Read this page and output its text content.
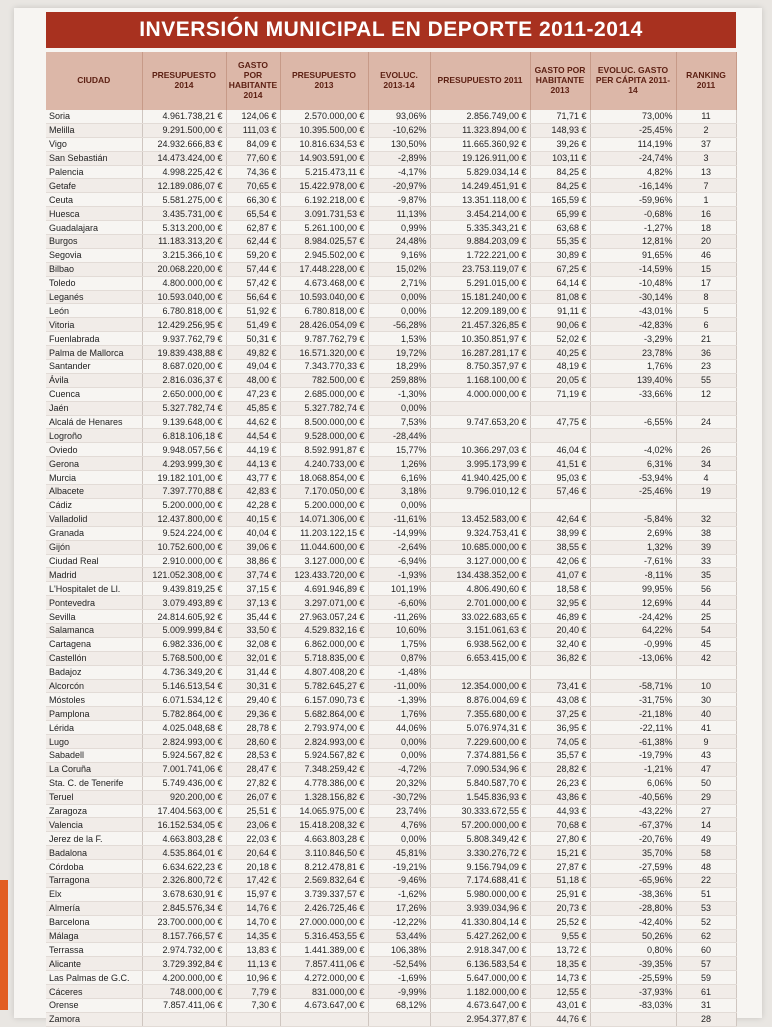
INVERSIÓN MUNICIPAL EN DEPORTE 2011-2014
CIUDAD	PRESUPUESTO 2014	GASTO POR HABITANTE 2014	PRESUPUESTO 2013	EVOLUC. 2013-14	PRESUPUESTO 2011	GASTO POR HABITANTE 2013	EVOLUC. GASTO PER CÁPITA 2011-14	RANKING 2011
Soria	4.961.738,21 €	124,06 €	2.570.000,00 €	93,06%	2.856.749,00 €	71,71 €	73,00%	11
Melilla	9.291.500,00 €	111,03 €	10.395.500,00 €	-10,62%	11.323.894,00 €	148,93 €	-25,45%	2
Vigo	24.932.666,83 €	84,09 €	10.816.634,53 €	130,50%	11.665.360,92 €	39,26 €	114,19%	37
San Sebastián	14.473.424,00 €	77,60 €	14.903.591,00 €	-2,89%	19.126.911,00 €	103,11 €	-24,74%	3
Palencia	4.998.225,42 €	74,36 €	5.215.473,11 €	-4,17%	5.829.034,14 €	84,25 €	4,82%	13
Getafe	12.189.086,07 €	70,65 €	15.422.978,00 €	-20,97%	14.249.451,91 €	84,25 €	-16,14%	7
Ceuta	5.581.275,00 €	66,30 €	6.192.218,00 €	-9,87%	13.351.118,00 €	165,59 €	-59,96%	1
Huesca	3.435.731,00 €	65,54 €	3.091.731,53 €	11,13%	3.454.214,00 €	65,99 €	-0,68%	16
Guadalajara	5.313.200,00 €	62,87 €	5.261.100,00 €	0,99%	5.335.343,21 €	63,68 €	-1,27%	18
Burgos	11.183.313,20 €	62,44 €	8.984.025,57 €	24,48%	9.884.203,09 €	55,35 €	12,81%	20
Segovia	3.215.366,10 €	59,20 €	2.945.502,00 €	9,16%	1.722.221,00 €	30,89 €	91,65%	46
Bilbao	20.068.220,00 €	57,44 €	17.448.228,00 €	15,02%	23.753.119,07 €	67,25 €	-14,59%	15
Toledo	4.800.000,00 €	57,42 €	4.673.468,00 €	2,71%	5.291.015,00 €	64,14 €	-10,48%	17
Leganés	10.593.040,00 €	56,64 €	10.593.040,00 €	0,00%	15.181.240,00 €	81,08 €	-30,14%	8
León	6.780.818,00 €	51,92 €	6.780.818,00 €	0,00%	12.209.189,00 €	91,11 €	-43,01%	5
Vitoria	12.429.256,95 €	51,49 €	28.426.054,09 €	-56,28%	21.457.326,85 €	90,06 €	-42,83%	6
Fuenlabrada	9.937.762,79 €	50,31 €	9.787.762,79 €	1,53%	10.350.851,97 €	52,02 €	-3,29%	21
Palma de Mallorca	19.839.438,88 €	49,82 €	16.571.320,00 €	19,72%	16.287.281,17 €	40,25 €	23,78%	36
Santander	8.687.020,00 €	49,04 €	7.343.770,33 €	18,29%	8.750.357,97 €	48,19 €	1,76%	23
Ávila	2.816.036,37 €	48,00 €	782.500,00 €	259,88%	1.168.100,00 €	20,05 €	139,40%	55
Cuenca	2.650.000,00 €	47,23 €	2.685.000,00 €	-1,30%	4.000.000,00 €	71,19 €	-33,66%	12
Jaén	5.327.782,74 €	45,85 €	5.327.782,74 €	0,00%				
Alcalá de Henares	9.139.648,00 €	44,62 €	8.500.000,00 €	7,53%	9.747.653,20 €	47,75 €	-6,55%	24
Logroño	6.818.106,18 €	44,54 €	9.528.000,00 €	-28,44%				
Oviedo	9.948.057,56 €	44,19 €	8.592.991,87 €	15,77%	10.366.297,03 €	46,04 €	-4,02%	26
Gerona	4.293.999,30 €	44,13 €	4.240.733,00 €	1,26%	3.995.173,99 €	41,51 €	6,31%	34
Murcia	19.182.101,00 €	43,77 €	18.068.854,00 €	6,16%	41.940.425,00 €	95,03 €	-53,94%	4
Albacete	7.397.770,88 €	42,83 €	7.170.050,00 €	3,18%	9.796.010,12 €	57,46 €	-25,46%	19
Cádiz	5.200.000,00 €	42,28 €	5.200.000,00 €	0,00%				
Valladolid	12.437.800,00 €	40,15 €	14.071.306,00 €	-11,61%	13.452.583,00 €	42,64 €	-5,84%	32
Granada	9.524.224,00 €	40,04 €	11.203.122,15 €	-14,99%	9.324.753,41 €	38,99 €	2,69%	38
Gijón	10.752.600,00 €	39,06 €	11.044.600,00 €	-2,64%	10.685.000,00 €	38,55 €	1,32%	39
Ciudad Real	2.910.000,00 €	38,86 €	3.127.000,00 €	-6,94%	3.127.000,00 €	42,06 €	-7,61%	33
Madrid	121.052.308,00 €	37,74 €	123.433.720,00 €	-1,93%	134.438.352,00 €	41,07 €	-8,11%	35
L'Hospitalet de Ll.	9.439.819,25 €	37,15 €	4.691.946,89 €	101,19%	4.806.490,60 €	18,58 €	99,95%	56
Pontevedra	3.079.493,89 €	37,13 €	3.297.071,00 €	-6,60%	2.701.000,00 €	32,95 €	12,69%	44
Sevilla	24.814.605,92 €	35,44 €	27.963.057,24 €	-11,26%	33.022.683,65 €	46,89 €	-24,42%	25
Salamanca	5.009.999,84 €	33,50 €	4.529.832,16 €	10,60%	3.151.061,63 €	20,40 €	64,22%	54
Cartagena	6.982.336,00 €	32,08 €	6.862.000,00 €	1,75%	6.938.562,00 €	32,40 €	-0,99%	45
Castellón	5.768.500,00 €	32,01 €	5.718.835,00 €	0,87%	6.653.415,00 €	36,82 €	-13,06%	42
Badajoz	4.736.349,20 €	31,44 €	4.807.408,20 €	-1,48%				
Alcorcón	5.146.513,54 €	30,31 €	5.782.645,27 €	-11,00%	12.354.000,00 €	73,41 €	-58,71%	10
Móstoles	6.071.534,12 €	29,40 €	6.157.090,73 €	-1,39%	8.876.004,69 €	43,08 €	-31,75%	30
Pamplona	5.782.864,00 €	29,36 €	5.682.864,00 €	1,76%	7.355.680,00 €	37,25 €	-21,18%	40
Lérida	4.025.048,68 €	28,78 €	2.793.974,00 €	44,06%	5.076.974,31 €	36,95 €	-22,11%	41
Lugo	2.824.993,00 €	28,60 €	2.824.993,00 €	0,00%	7.229.600,00 €	74,05 €	-61,38%	9
Sabadell	5.924.567,82 €	28,53 €	5.924.567,82 €	0,00%	7.374.881,56 €	35,57 €	-19,79%	43
La Coruña	7.001.741,06 €	28,47 €	7.348.259,42 €	-4,72%	7.090.534,96 €	28,82 €	-1,21%	47
Sta. C. de Tenerife	5.749.436,00 €	27,82 €	4.778.386,00 €	20,32%	5.840.587,70 €	26,23 €	6,06%	50
Teruel	920.200,00 €	26,07 €	1.328.156,82 €	-30,72%	1.545.836,93 €	43,86 €	-40,56%	29
Zaragoza	17.404.563,00 €	25,51 €	14.065.975,00 €	23,74%	30.333.672,55 €	44,93 €	-43,22%	27
Valencia	16.152.534,05 €	23,06 €	15.418.208,32 €	4,76%	57.200.000,00 €	70,68 €	-67,37%	14
Jerez de la F.	4.663.803,28 €	22,03 €	4.663.803,28 €	0,00%	5.808.349,42 €	27,80 €	-20,76%	49
Badalona	4.535.864,01 €	20,64 €	3.110.846,50 €	45,81%	3.330.276,72 €	15,21 €	35,70%	58
Córdoba	6.634.622,23 €	20,18 €	8.212.478,81 €	-19,21%	9.156.794,09 €	27,87 €	-27,59%	48
Tarragona	2.326.800,72 €	17,42 €	2.569.832,64 €	-9,46%	7.174.688,41 €	51,18 €	-65,96%	22
Elx	3.678.630,91 €	15,97 €	3.739.337,57 €	-1,62%	5.980.000,00 €	25,91 €	-38,36%	51
Almería	2.845.576,34 €	14,76 €	2.426.725,46 €	17,26%	3.939.034,96 €	20,73 €	-28,80%	53
Barcelona	23.700.000,00 €	14,70 €	27.000.000,00 €	-12,22%	41.330.804,14 €	25,52 €	-42,40%	52
Málaga	8.157.766,57 €	14,35 €	5.316.453,55 €	53,44%	5.427.262,00 €	9,55 €	50,26%	62
Terrassa	2.974.732,00 €	13,83 €	1.441.389,00 €	106,38%	2.918.347,00 €	13,72 €	0,80%	60
Alicante	3.729.392,84 €	11,13 €	7.857.411,06 €	-52,54%	6.136.583,54 €	18,35 €	-39,35%	57
Las Palmas de G.C.	4.200.000,00 €	10,96 €	4.272.000,00 €	-1,69%	5.647.000,00 €	14,73 €	-25,59%	59
Cáceres	748.000,00 €	7,79 €	831.000,00 €	-9,99%	1.182.000,00 €	12,55 €	-37,93%	61
Orense	7.857.411,06 €	7,30 €	4.673.647,00 €	68,12%	4.673.647,00 €	43,01 €	-83,03%	31
Zamora					2.954.377,87 €	44,76 €		28
